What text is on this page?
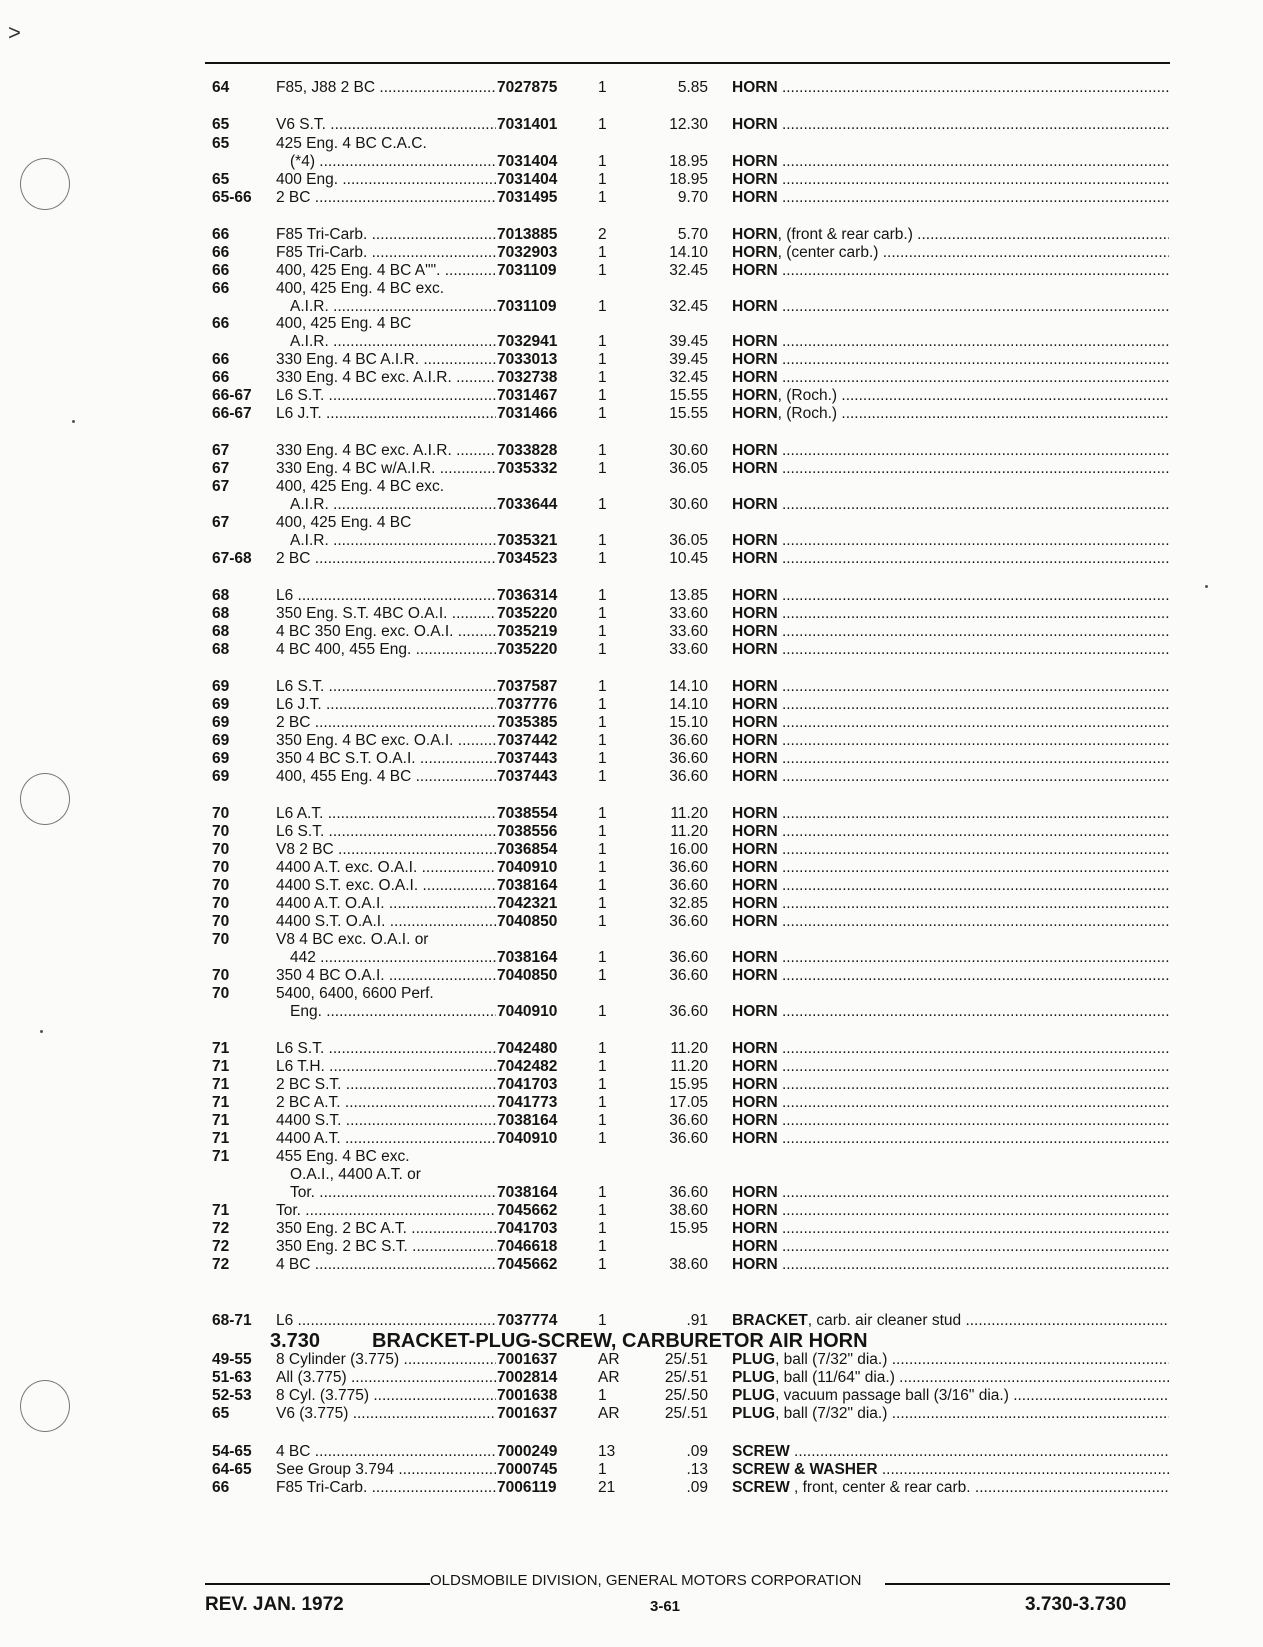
>
64	F85, J88 2 BC .....	7027875	1	5.85 HORN .....
65	V6 S.T. .....	7031401	1	12.30 HORN .....
65	425 Eng. 4 BC C.A.C.
(*4) .....	7031404	1	18.95 HORN .....
65	400 Eng. .....	7031404	1	18.95 HORN .....
65-66 2 BC .....	7031495	1	9.70 HORN .....
66	F85 Tri-Carb. .....	7013885	2	5.70 HORN, (front & rear carb.) .....
66	F85 Tri-Carb. .....	7032903	1	14.10 HORN, (center carb.) .....
66	400, 425 Eng. 4 BC A"". .....	7031109	1	32.45 HORN .....
66	400, 425 Eng. 4 BC exc.
A.I.R. .....	7031109	1	32.45 HORN .....
66	400, 425 Eng. 4 BC
A.I.R. .....	7032941	1	39.45 HORN .....
66	330 Eng. 4 BC A.I.R. .....	7033013	1	39.45 HORN .....
66	330 Eng. 4 BC exc. A.I.R. .....	7032738	1	32.45 HORN .....
66-67 L6 S.T. .....	7031467	1	15.55 HORN, (Roch.) .....
66-67 L6 J.T. .....	7031466	1	15.55 HORN, (Roch.) .....
67	330 Eng. 4 BC exc. A.I.R. .....	7033828	1	30.60 HORN .....
67	330 Eng. 4 BC w/A.I.R. .....	7035332	1	36.05 HORN .....
67	400, 425 Eng. 4 BC exc.
A.I.R. .....	7033644	1	30.60 HORN .....
67	400, 425 Eng. 4 BC
A.I.R. .....	7035321	1	36.05 HORN .....
67-68 2 BC .....	7034523	1	10.45 HORN .....
68	L6 .....	7036314	1	13.85 HORN .....
68	350 Eng. S.T. 4BC O.A.I. .....	7035220	1	33.60 HORN .....
68	4 BC 350 Eng. exc. O.A.I. .....	7035219	1	33.60 HORN .....
68	4 BC 400, 455 Eng. .....	7035220	1	33.60 HORN .....
69	L6 S.T. .....	7037587	1	14.10 HORN .....
69	L6 J.T. .....	7037776	1	14.10 HORN .....
69	2 BC .....	7035385	1	15.10 HORN .....
69	350 Eng. 4 BC exc. O.A.I. .....	7037442	1	36.60 HORN .....
69	350 4 BC S.T. O.A.I. .....	7037443	1	36.60 HORN .....
69	400, 455 Eng. 4 BC .....	7037443	1	36.60 HORN .....
70	L6 A.T. .....	7038554	1	11.20 HORN .....
70	L6 S.T. .....	7038556	1	11.20 HORN .....
70	V8 2 BC .....	7036854	1	16.00 HORN .....
70	4400 A.T. exc. O.A.I. .....	7040910	1	36.60 HORN .....
70	4400 S.T. exc. O.A.I. .....	7038164	1	36.60 HORN .....
70	4400 A.T. O.A.I. .....	7042321	1	32.85 HORN .....
70	4400 S.T. O.A.I. .....	7040850	1	36.60 HORN .....
70	V8 4 BC exc. O.A.I. or
442 .....	7038164	1	36.60 HORN .....
70	350 4 BC O.A.I. .....	7040850	1	36.60 HORN .....
70	5400, 6400, 6600 Perf.
Eng. .....	7040910	1	36.60 HORN .....
71	L6 S.T. .....	7042480	1	11.20 HORN .....
71	L6 T.H. .....	7042482	1	11.20 HORN .....
71	2 BC S.T. .....	7041703	1	15.95 HORN .....
71	2 BC A.T. .....	7041773	1	17.05 HORN .....
71	4400 S.T. .....	7038164	1	36.60 HORN .....
71	4400 A.T. .....	7040910	1	36.60 HORN .....
71	455 Eng. 4 BC exc.
O.A.I., 4400 A.T. or
Tor. .....	7038164	1	36.60 HORN .....
71	Tor. .....	7045662	1	38.60 HORN .....
72	350 Eng. 2 BC A.T. .....	7041703	1	15.95 HORN .....
72	350 Eng. 2 BC S.T. .....	7046618	1	HORN .....
72	4 BC .....	7045662	1	38.60 HORN .....
68-71 L6 .....	7037774	1	.91 BRACKET, carb. air cleaner stud .....
49-55 8 Cylinder (3.775) .....	7001637	AR	25/.51 PLUG, ball (7/32" dia.) .....
51-63 All (3.775) .....	7002814	AR	25/.51 PLUG, ball (11/64" dia.) .....
52-53 8 Cyl. (3.775) .....	7001638	1	25/.50 PLUG, vacuum passage ball (3/16" dia.) .....
65	V6 (3.775) .....	7001637	AR	25/.51 PLUG, ball (7/32" dia.) .....
54-65 4 BC .....	7000249	13	.09 SCREW .....
64-65 See Group 3.794 .....	7000745	1	.13 SCREW & WASHER .....
66	F85 Tri-Carb. .....	7006119	21	.09 SCREW , front, center & rear carb. .....
3.730	BRACKET-PLUG-SCREW, CARBURETOR AIR HORN
OLDSMOBILE DIVISION, GENERAL MOTORS CORPORATION
REV. JAN. 1972	3-61	3.730-3.730
